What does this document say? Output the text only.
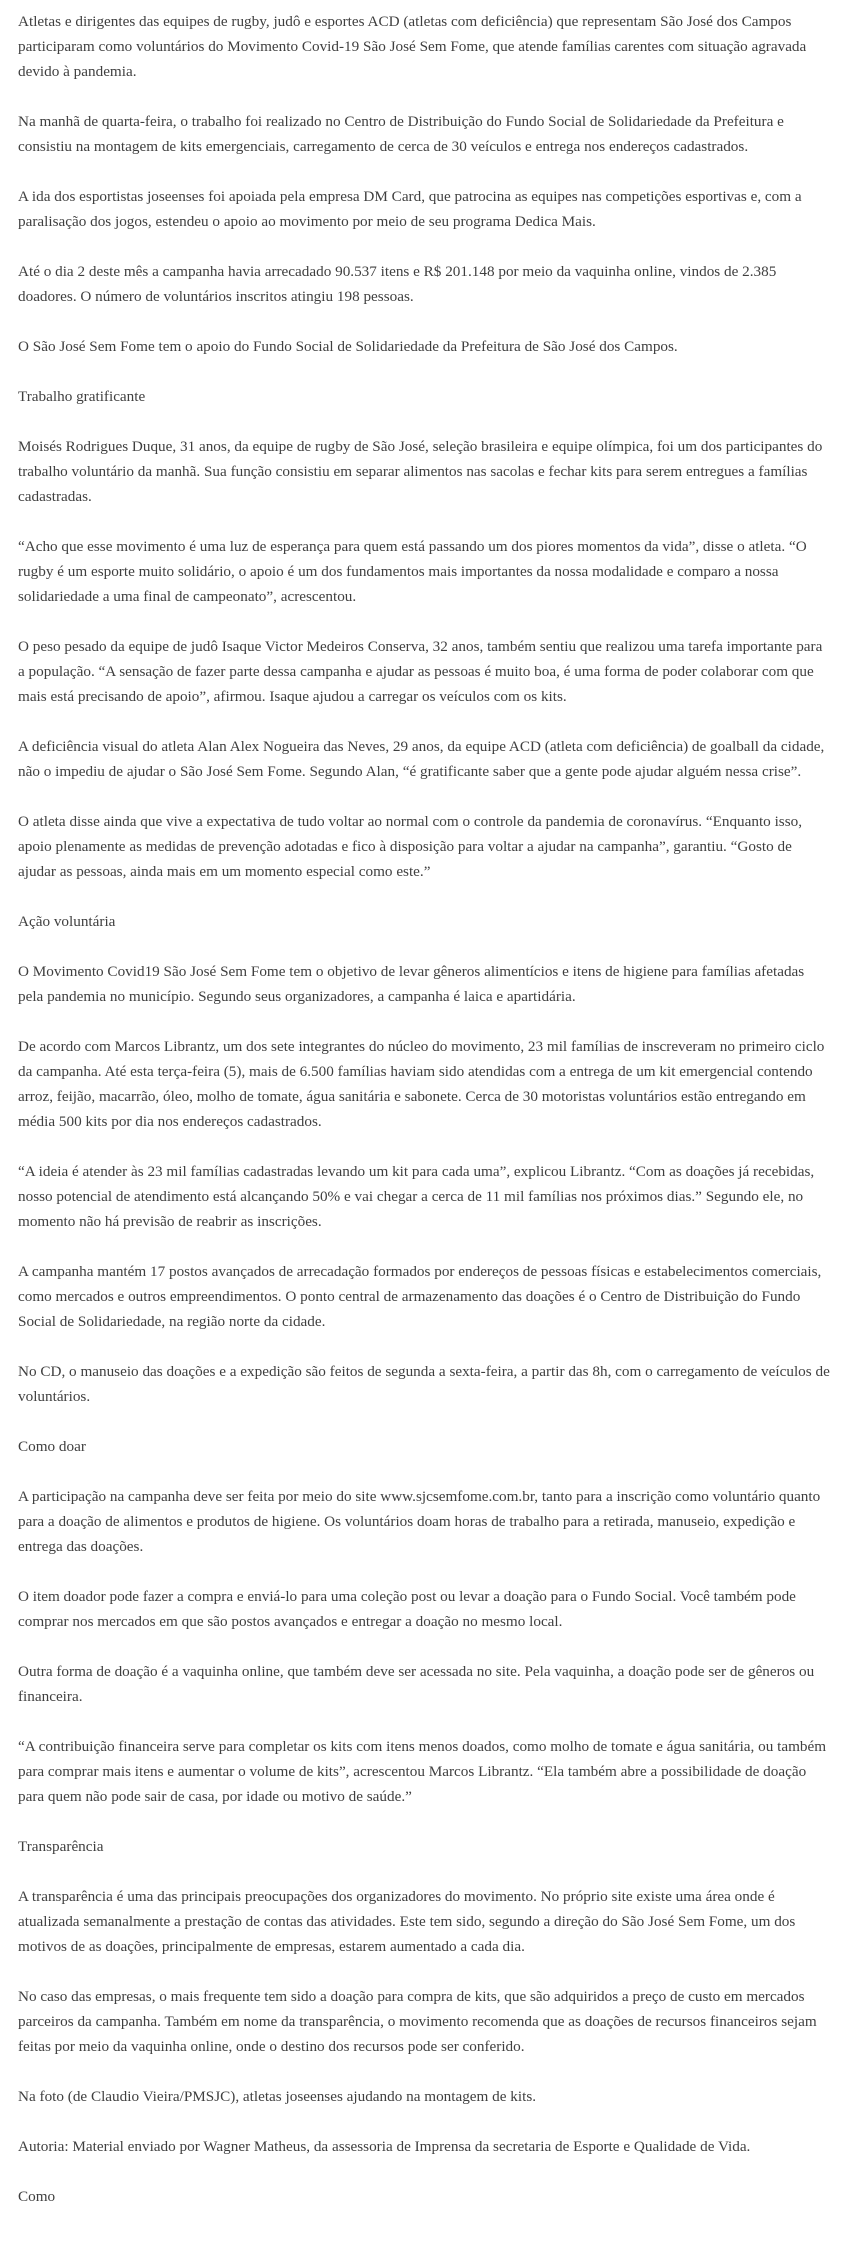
Atletas e dirigentes das equipes de rugby, judô e esportes ACD (atletas com deficiência) que representam São José dos Campos participaram como voluntários do Movimento Covid-19 São José Sem Fome, que atende famílias carentes com situação agravada devido à pandemia.

Na manhã de quarta-feira, o trabalho foi realizado no Centro de Distribuição do Fundo Social de Solidariedade da Prefeitura e consistiu na montagem de kits emergenciais, carregamento de cerca de 30 veículos e entrega nos endereços cadastrados.

A ida dos esportistas joseenses foi apoiada pela empresa DM Card, que patrocina as equipes nas competições esportivas e, com a paralisação dos jogos, estendeu o apoio ao movimento por meio de seu programa Dedica Mais.

Até o dia 2 deste mês a campanha havia arrecadado 90.537 itens e R$ 201.148 por meio da vaquinha online, vindos de 2.385 doadores. O número de voluntários inscritos atingiu 198 pessoas.

O São José Sem Fome tem o apoio do Fundo Social de Solidariedade da Prefeitura de São José dos Campos.

Trabalho gratificante

Moisés Rodrigues Duque, 31 anos, da equipe de rugby de São José, seleção brasileira e equipe olímpica, foi um dos participantes do trabalho voluntário da manhã. Sua função consistiu em separar alimentos nas sacolas e fechar kits para serem entregues a famílias cadastradas.

“Acho que esse movimento é uma luz de esperança para quem está passando um dos piores momentos da vida”, disse o atleta. “O rugby é um esporte muito solidário, o apoio é um dos fundamentos mais importantes da nossa modalidade e comparo a nossa solidariedade a uma final de campeonato”, acrescentou.

O peso pesado da equipe de judô Isaque Victor Medeiros Conserva, 32 anos, também sentiu que realizou uma tarefa importante para a população. “A sensação de fazer parte dessa campanha e ajudar as pessoas é muito boa, é uma forma de poder colaborar com que mais está precisando de apoio”, afirmou. Isaque ajudou a carregar os veículos com os kits.

A deficiência visual do atleta Alan Alex Nogueira das Neves, 29 anos, da equipe ACD (atleta com deficiência) de goalball da cidade, não o impediu de ajudar o São José Sem Fome. Segundo Alan, “é gratificante saber que a gente pode ajudar alguém nessa crise”.

O atleta disse ainda que vive a expectativa de tudo voltar ao normal com o controle da pandemia de coronavírus. “Enquanto isso, apoio plenamente as medidas de prevenção adotadas e fico à disposição para voltar a ajudar na campanha”, garantiu. “Gosto de ajudar as pessoas, ainda mais em um momento especial como este.”

Ação voluntária

O Movimento Covid19 São José Sem Fome tem o objetivo de levar gêneros alimentícios e itens de higiene para famílias afetadas pela pandemia no município. Segundo seus organizadores, a campanha é laica e apartidária.

De acordo com Marcos Librantz, um dos sete integrantes do núcleo do movimento, 23 mil famílias de inscreveram no primeiro ciclo da campanha. Até esta terça-feira (5), mais de 6.500 famílias haviam sido atendidas com a entrega de um kit emergencial contendo arroz, feijão, macarrão, óleo, molho de tomate, água sanitária e sabonete. Cerca de 30 motoristas voluntários estão entregando em média 500 kits por dia nos endereços cadastrados.

“A ideia é atender às 23 mil famílias cadastradas levando um kit para cada uma”, explicou Librantz. “Com as doações já recebidas, nosso potencial de atendimento está alcançando 50% e vai chegar a cerca de 11 mil famílias nos próximos dias.” Segundo ele, no momento não há previsão de reabrir as inscrições.

A campanha mantém 17 postos avançados de arrecadação formados por endereços de pessoas físicas e estabelecimentos comerciais, como mercados e outros empreendimentos. O ponto central de armazenamento das doações é o Centro de Distribuição do Fundo Social de Solidariedade, na região norte da cidade.

No CD, o manuseio das doações e a expedição são feitos de segunda a sexta-feira, a partir das 8h, com o carregamento de veículos de voluntários.

Como doar

A participação na campanha deve ser feita por meio do site www.sjcsemfome.com.br, tanto para a inscrição como voluntário quanto para a doação de alimentos e produtos de higiene. Os voluntários doam horas de trabalho para a retirada, manuseio, expedição e entrega das doações.

O item doador pode fazer a compra e enviá-lo para uma coleção post ou levar a doação para o Fundo Social. Você também pode comprar nos mercados em que são postos avançados e entregar a doação no mesmo local.

Outra forma de doação é a vaquinha online, que também deve ser acessada no site. Pela vaquinha, a doação pode ser de gêneros ou financeira.

“A contribuição financeira serve para completar os kits com itens menos doados, como molho de tomate e água sanitária, ou também para comprar mais itens e aumentar o volume de kits”, acrescentou Marcos Librantz. “Ela também abre a possibilidade de doação para quem não pode sair de casa, por idade ou motivo de saúde.”

Transparência

A transparência é uma das principais preocupações dos organizadores do movimento. No próprio site existe uma área onde é atualizada semanalmente a prestação de contas das atividades. Este tem sido, segundo a direção do São José Sem Fome, um dos motivos de as doações, principalmente de empresas, estarem aumentado a cada dia.

No caso das empresas, o mais frequente tem sido a doação para compra de kits, que são adquiridos a preço de custo em mercados parceiros da campanha. Também em nome da transparência, o movimento recomenda que as doações de recursos financeiros sejam feitas por meio da vaquinha online, onde o destino dos recursos pode ser conferido.

Na foto (de Claudio Vieira/PMSJC), atletas joseenses ajudando na montagem de kits.

Autoria: Material enviado por Wagner Matheus, da assessoria de Imprensa da secretaria de Esporte e Qualidade de Vida.

Como
